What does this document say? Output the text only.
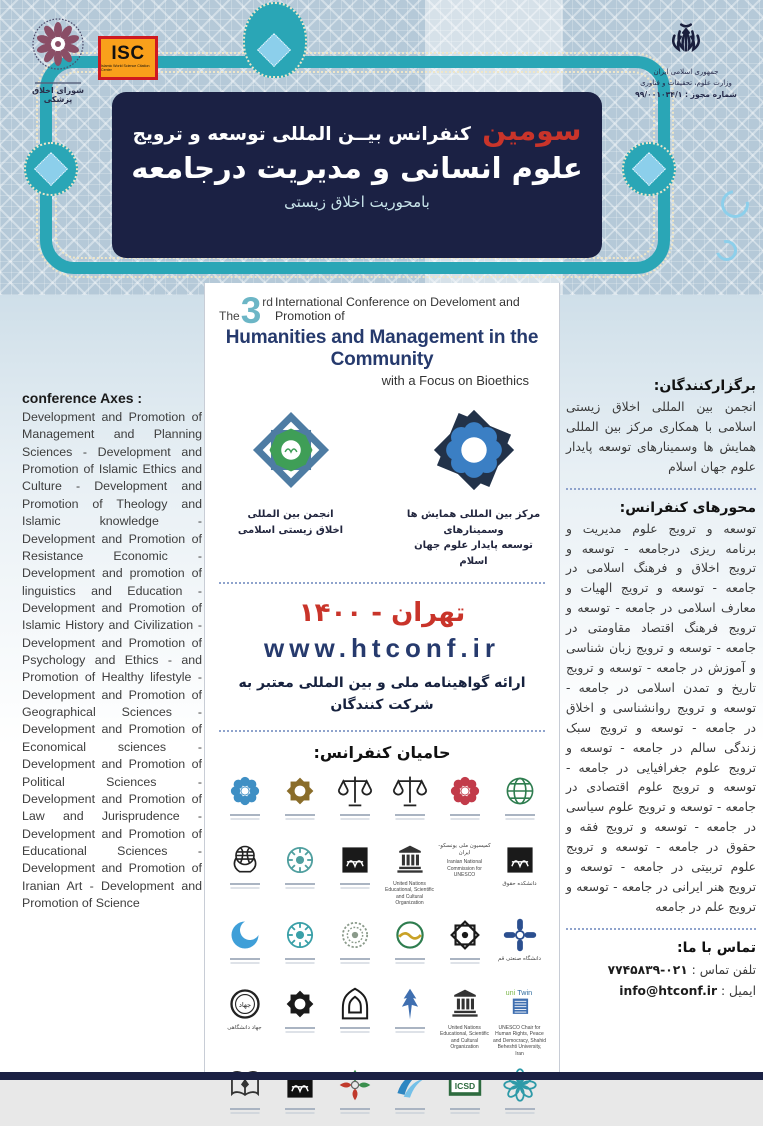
سومین کنفرانس بیــن المللی توسعه و ترویج
علوم انسانی و مدیریت درجامعه
بامحوریت اخلاق زیستی
شورای اخلاق پزشکی
ISC
Islamic World Science Citation Center	جمهوری اسلامی ایران
وزارت علوم، تحقیقات و فناوری
شماره مجوز : ۹۹/۰۰۱۰۳۴/۱
conference Axes :

Development and Promotion of Management and Planning Sciences - Development and Promotion of Islamic Ethics and Culture - Development and Promotion of Theology and Islamic knowledge - Development and Promotion of Resistance Economic - Development and promotion of linguistics and Education - Development and Promotion of Islamic History and Civilization - Development and Promotion of Psychology and Ethics - and Promotion of Healthy lifestyle - Development and Promotion of Geographical Sciences - Development and Promotion of Economical sciences - Development and Promotion of Political Sciences - Development and Promotion of Law and Jurisprudence - Development and Promotion of Educational Sciences - Development and Promotion of Iranian Art - Development and Promotion of Science

The 3 rd International Conference on Develoment and Promotion of
Humanities and Management in the Community
with a Focus on Bioethics
انجمن بین المللی
اخلاق زیستی اسلامی
مرکز بین المللی همایش ها وسمینارهای
توسعه پایدار علوم جهان اسلام
تهران - ۱۴۰۰
www.htconf.ir
ارائه گواهینامه ملی و بین المللی معتبر به
شرکت کنندگان
حامیان کنفرانس:
United Nations Educational, Scientific and Cultural Organization
کمیسیون ملی یونسکو- ایران
Iranian National Commission for UNESCO
دانشکده حقوق
دانشگاه صنعتی قم
جهاد
جهاد دانشگاهی	United Nations Educational, Scientific and Cultural Organization
uni Twin
UNESCO Chair for Human Rights, Peace and Democracy, Shahid Beheshti University, Iran
ICSD
برگزارکنندگان:

انجمن بین المللی اخلاق زیستی اسلامی با همکاری مرکز بین المللی همایش ها وسمینارهای توسعه پایدار علوم جهان اسلام

محورهای کنفرانس:

توسعه و ترویج علوم مدیریت و برنامه ریزی درجامعه - توسعه و ترویج اخلاق و فرهنگ اسلامی در جامعه - توسعه و ترویج الهیات و معارف اسلامی در جامعه - توسعه و ترویج فرهنگ اقتصاد مقاومتی در جامعه - توسعه و ترویج زبان شناسی و آموزش در جامعه - توسعه و ترویج تاریخ و تمدن اسلامی در جامعه - توسعه و ترویج روانشناسی و اخلاق در جامعه - توسعه و ترویج سبک زندگی سالم در جامعه - توسعه و ترویج علوم جغرافیایی در جامعه - توسعه و ترویج علوم اقتصادی در جامعه - توسعه و ترویج علوم سیاسی در جامعه - توسعه و ترویج فقه و حقوق در جامعه - توسعه و ترویج علوم تربیتی در جامعه - توسعه و ترویج هنر ایرانی در جامعه - توسعه و ترویج علم در جامعه

تماس با ما:

تلفن تماس : ۰۲۱-۷۷۴۵۸۳۹

ایمیل : info@htconf.ir
